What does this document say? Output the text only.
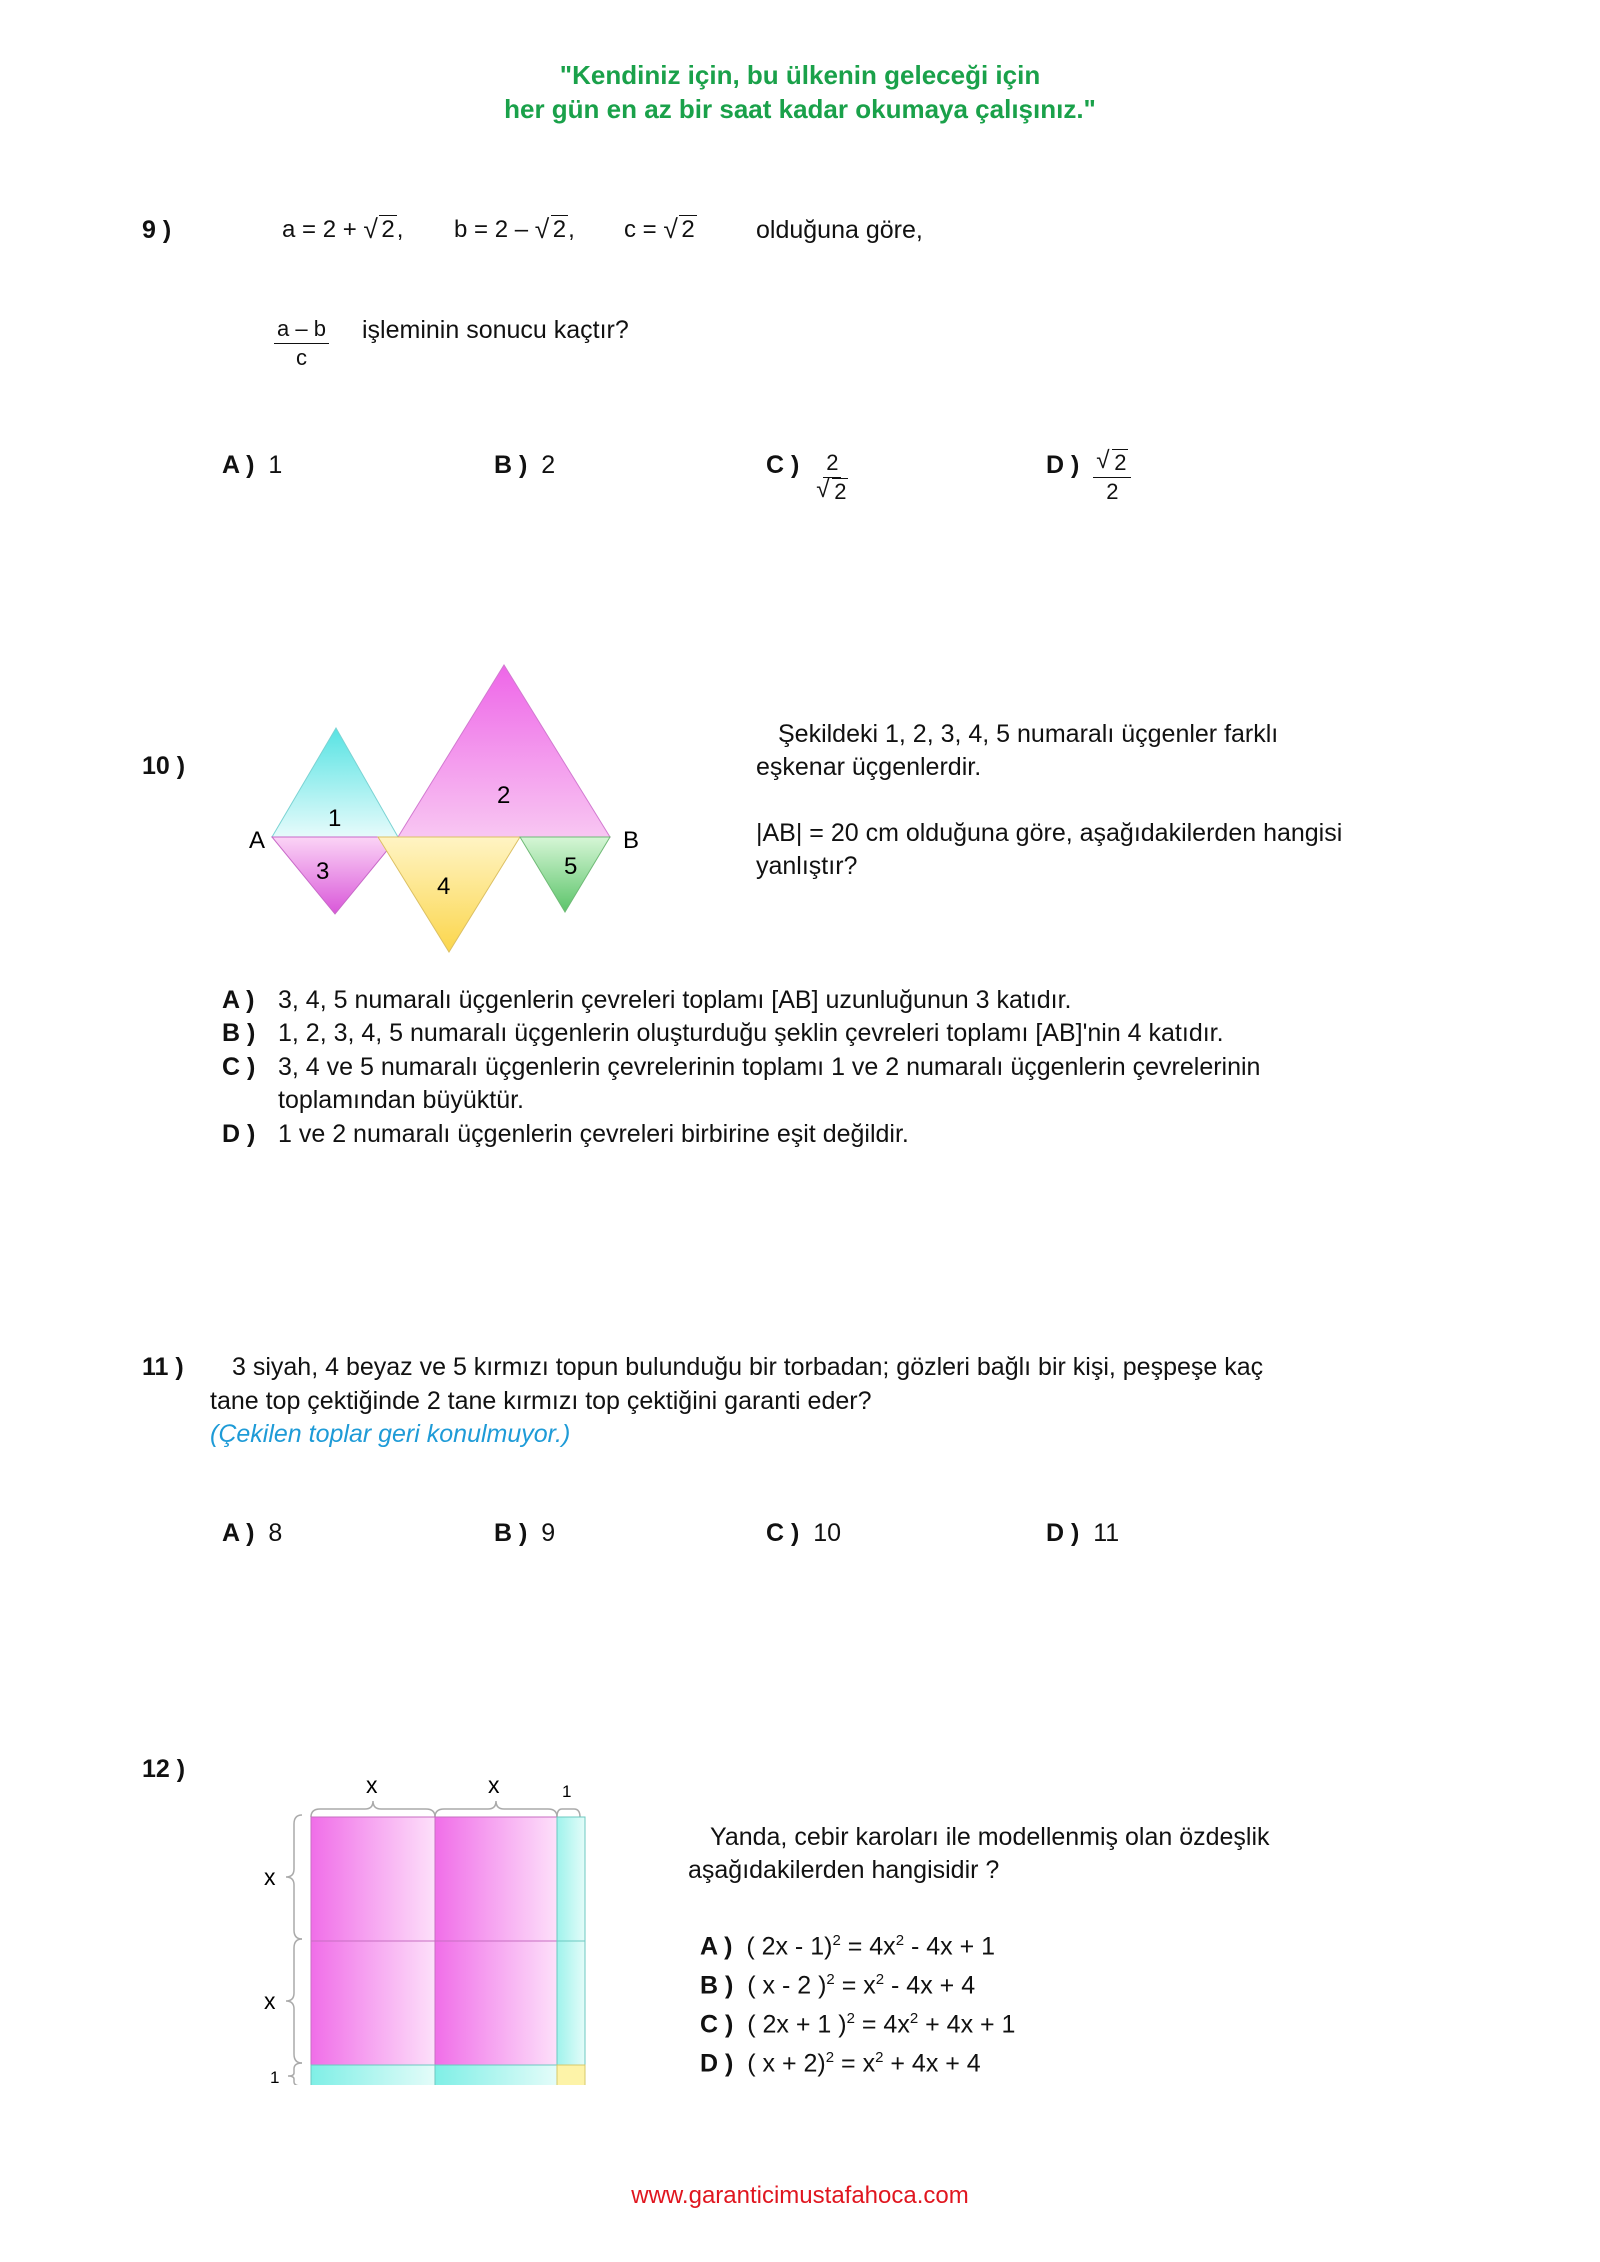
"Kendiniz için, bu ülkenin geleceği için
her gün en az bir saat kadar okumaya çalışınız."
9 )	a = 2 + √ 2, b = 2 – √ 2, c = √ 2 olduğuna göre,
$\frac{a - b}{c}$ işleminin sonucu kaçtır?
A ) 1	B ) 2	C ) $\frac{2}{√ 2}$	D ) $\frac{√ 2}{2}$
10 )
A	B
1
2
3
4
5
Şekildeki 1, 2, 3, 4, 5 numaralı üçgenler farklı
eşkenar üçgenlerdir.
|AB| = 20 cm olduğuna göre, aşağıdakilerden hangisi
yanlıştır?
A ) 3, 4, 5 numaralı üçgenlerin çevreleri toplamı [AB] uzunluğunun 3 katıdır.
B ) 1, 2, 3, 4, 5 numaralı üçgenlerin oluşturduğu şeklin çevreleri toplamı [AB]'nin 4 katıdır.
C ) 3, 4 ve 5 numaralı üçgenlerin çevrelerinin toplamı 1 ve 2 numaralı üçgenlerin çevrelerinin
toplamından büyüktür.
D ) 1 ve 2 numaralı üçgenlerin çevreleri birbirine eşit değildir.
11 ) 3 siyah, 4 beyaz ve 5 kırmızı topun bulunduğu bir torbadan; gözleri bağlı bir kişi, peşpeşe kaç
tane top çektiğinde 2 tane kırmızı top çektiğini garanti eder?
(Çekilen toplar geri konulmuyor.)
A ) 8	B ) 9	C ) 10	D ) 11
12 )
x	x	1
x
x
1
Yanda, cebir karoları ile modellenmiş olan özdeşlik
aşağıdakilerden hangisidir ?
A ) ( $2x - 1)^2 = 4x^2 - 4x + 1$
B ) ( x - 2 )$^2 = x^2 - 4x + 4$
C ) ( 2x + 1 )$^2 = 4x^2 + 4x + 1$
D ) ( $x + 2)^2 = x^2 + 4x + 4$
www.garanticimustafahoca.com
